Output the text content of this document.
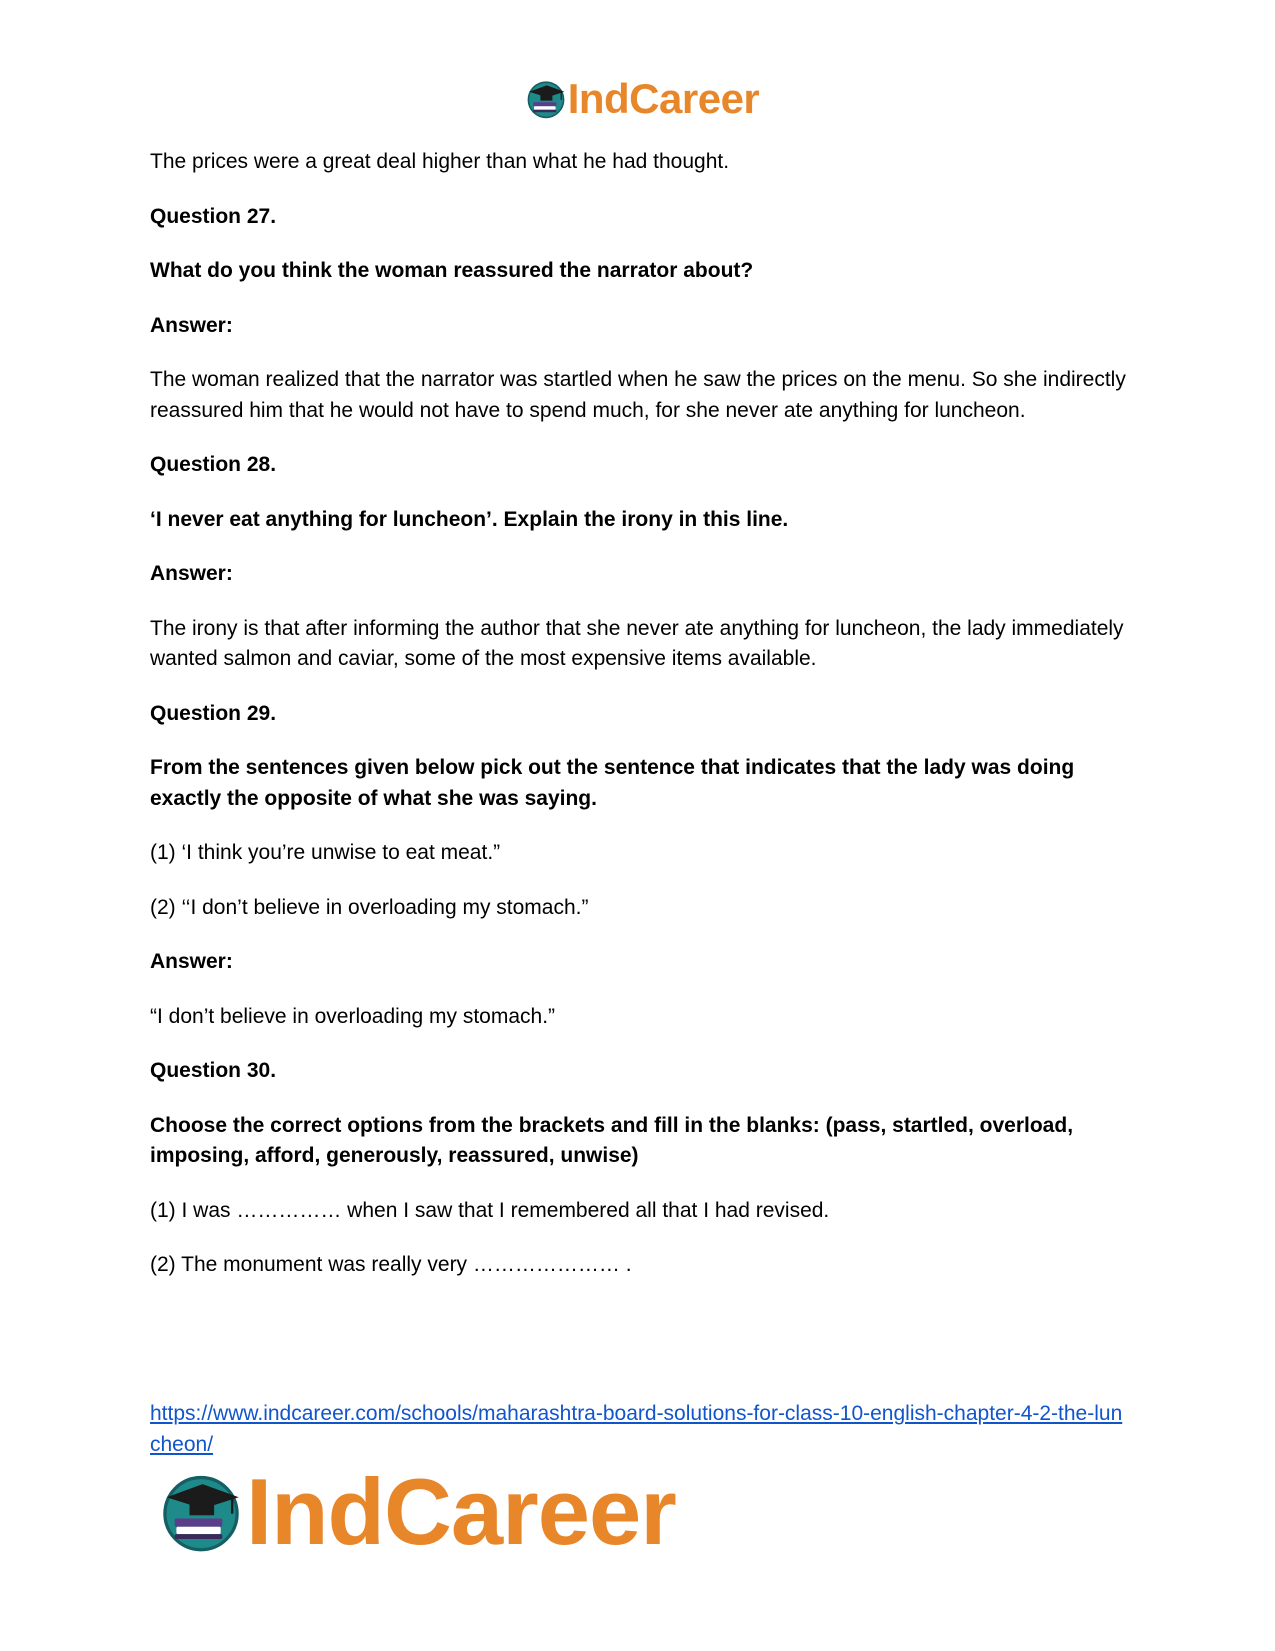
IndCareer

The prices were a great deal higher than what he had thought.

Question 27.

What do you think the woman reassured the narrator about?

Answer:

The woman realized that the narrator was startled when he saw the prices on the menu. So she indirectly reassured him that he would not have to spend much, for she never ate anything for luncheon.

Question 28.

‘I never eat anything for luncheon’. Explain the irony in this line.

Answer:

The irony is that after informing the author that she never ate anything for luncheon, the lady immediately wanted salmon and caviar, some of the most expensive items available.

Question 29.

From the sentences given below pick out the sentence that indicates that the lady was doing exactly the opposite of what she was saying.

(1) ‘I think you’re unwise to eat meat.”

(2) ‘‘I don’t believe in overloading my stomach.”

Answer:

“I don’t believe in overloading my stomach.”

Question 30.

Choose the correct options from the brackets and fill in the blanks: (pass, startled, overload, imposing, afford, generously, reassured, unwise)

(1) I was …………… when I saw that I remembered all that I had revised.

(2) The monument was really very ………………… .

https://www.indcareer.com/schools/maharashtra-board-solutions-for-class-10-english-chapter-4-2-the-luncheon/
IndCareer
